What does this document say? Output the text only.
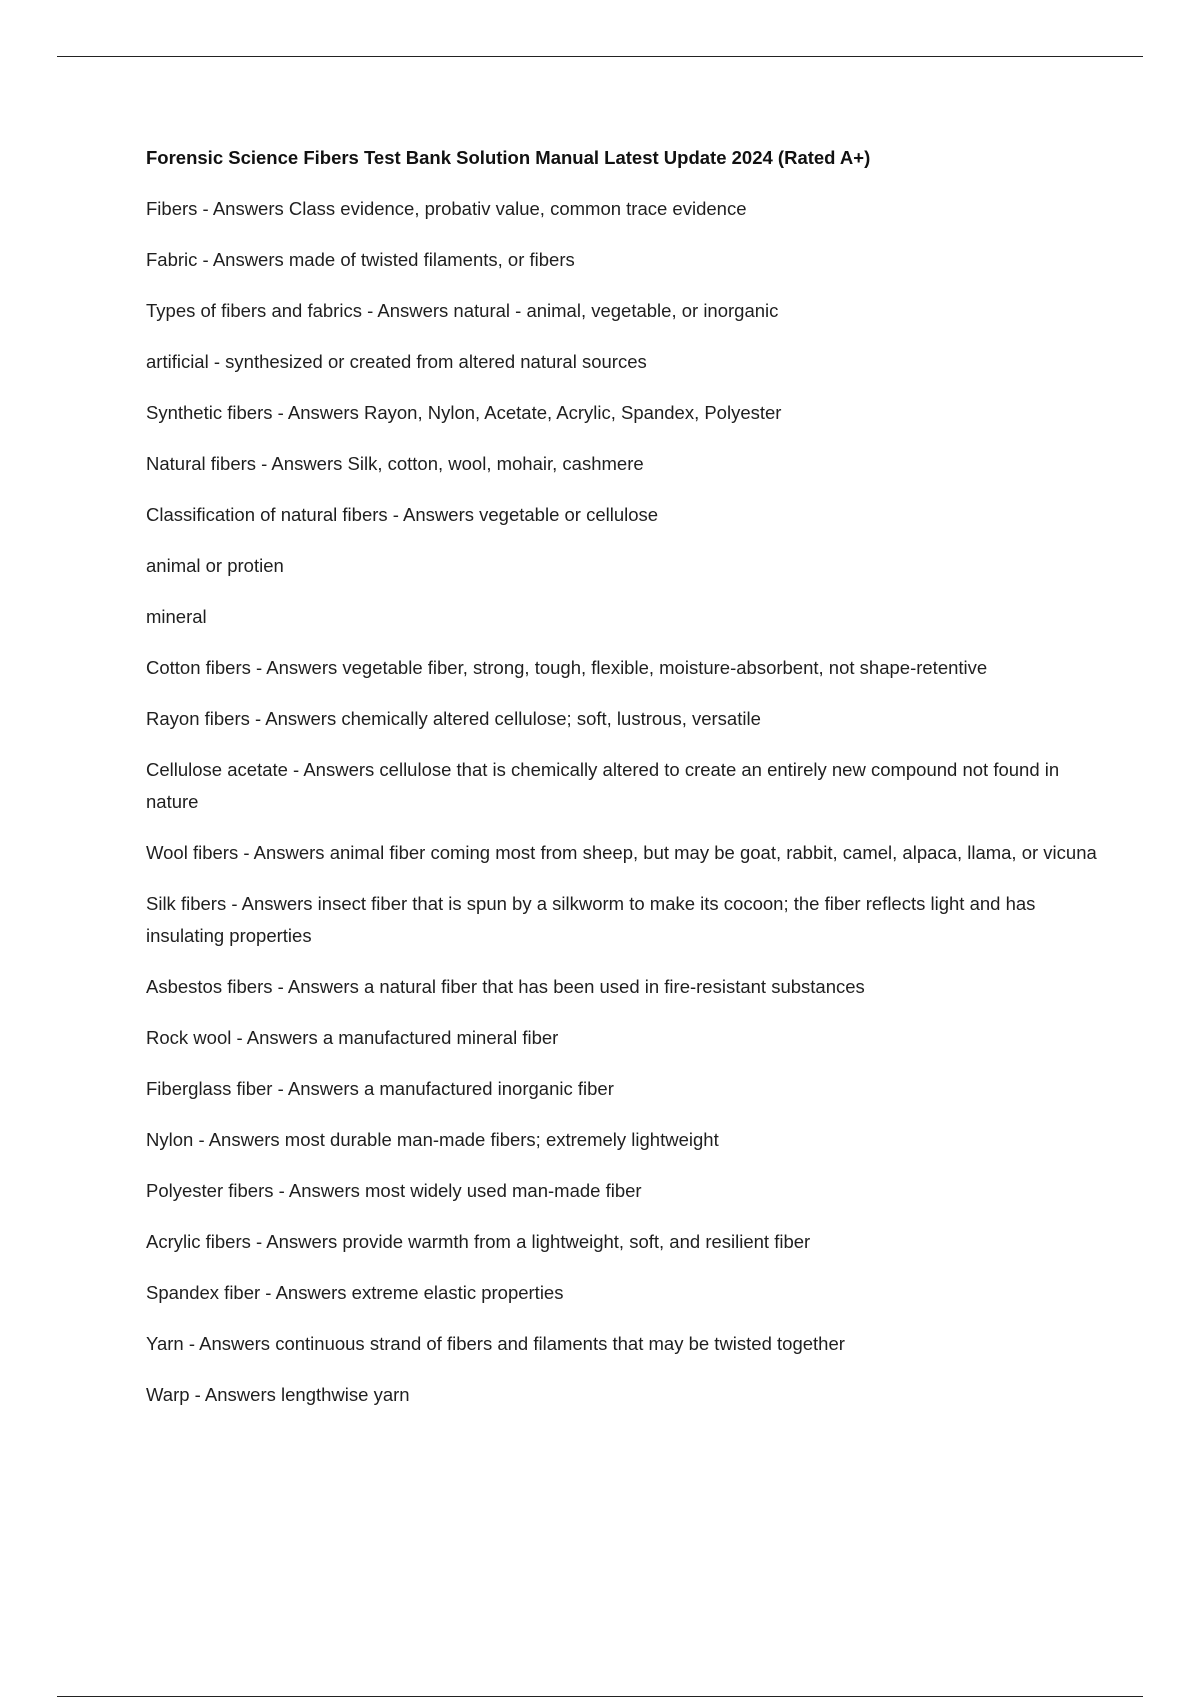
Forensic Science Fibers Test Bank Solution Manual Latest Update 2024 (Rated A+)
Fibers - Answers Class evidence, probativ value, common trace evidence
Fabric - Answers made of twisted filaments, or fibers
Types of fibers and fabrics - Answers natural - animal, vegetable, or inorganic
artificial - synthesized or created from altered natural sources
Synthetic fibers - Answers Rayon, Nylon, Acetate, Acrylic, Spandex, Polyester
Natural fibers - Answers Silk, cotton, wool, mohair, cashmere
Classification of natural fibers - Answers vegetable or cellulose
animal or protien
mineral
Cotton fibers - Answers vegetable fiber, strong, tough, flexible, moisture-absorbent, not shape-retentive
Rayon fibers - Answers chemically altered cellulose; soft, lustrous, versatile
Cellulose acetate - Answers cellulose that is chemically altered to create an entirely new compound not found in nature
Wool fibers - Answers animal fiber coming most from sheep, but may be goat, rabbit, camel, alpaca, llama, or vicuna
Silk fibers - Answers insect fiber that is spun by a silkworm to make its cocoon; the fiber reflects light and has insulating properties
Asbestos fibers - Answers a natural fiber that has been used in fire-resistant substances
Rock wool - Answers a manufactured mineral fiber
Fiberglass fiber - Answers a manufactured inorganic fiber
Nylon - Answers most durable man-made fibers; extremely lightweight
Polyester fibers - Answers most widely used man-made fiber
Acrylic fibers - Answers provide warmth from a lightweight, soft, and resilient fiber
Spandex fiber - Answers extreme elastic properties
Yarn - Answers continuous strand of fibers and filaments that may be twisted together
Warp - Answers lengthwise yarn
